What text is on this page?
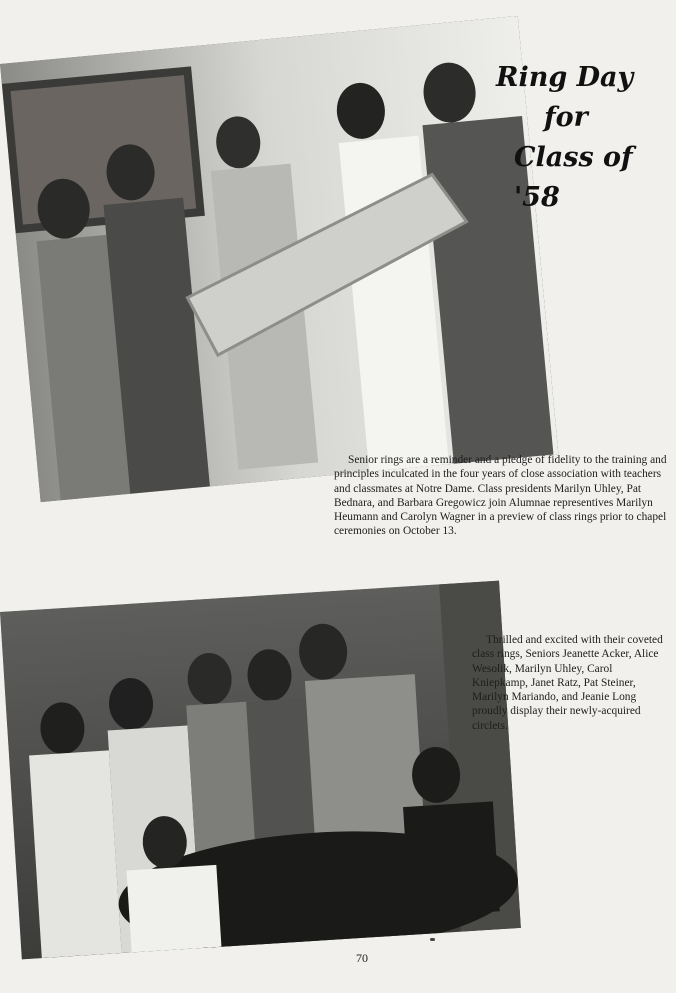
Ring Day
for
Class of '58

Senior rings are a reminder and a pledge of fidelity to the training and principles inculcated in the four years of close association with teachers and classmates at Notre Dame. Class presidents Marilyn Uhley, Pat Bednara, and Barbara Gregowicz join Alumnae representives Marilyn Heumann and Carolyn Wagner in a preview of class rings prior to chapel ceremonies on October 13.

Thrilled and excited with their coveted class rings, Seniors Jeanette Acker, Alice Wesolik, Marilyn Uhley, Carol Kniepkamp, Janet Ratz, Pat Steiner, Marilyn Mariando, and Jeanie Long proudly display their newly-acquired circlets.

70
